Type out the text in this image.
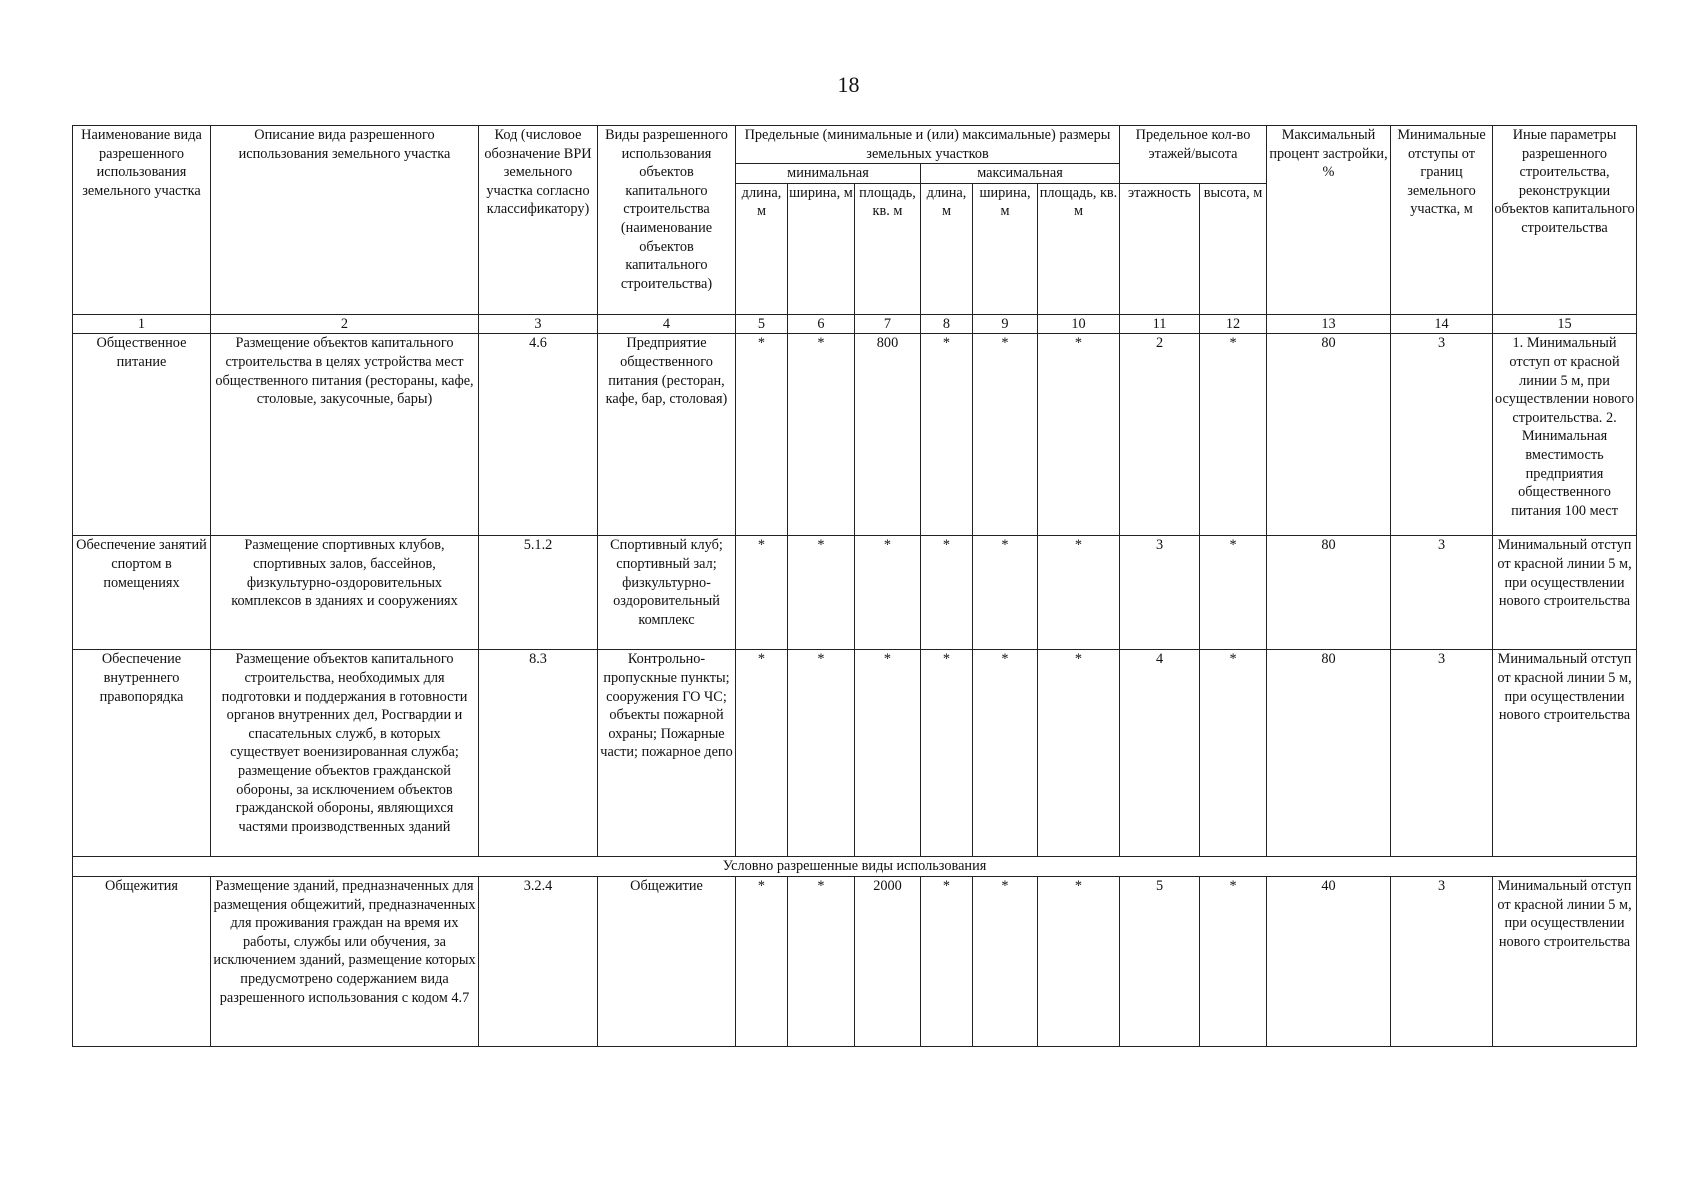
18
Наименование вида разрешенного использования земельного участка	Описание вида разрешенного использования земельного участка	Код (числовое обозначение ВРИ земельного участка согласно классификатору)	Виды разрешенного использования объектов капитального строительства (наименование объектов капитального строительства)	Предельные (минимальные и (или) максимальные) размеры земельных участков						Предельное кол-во этажей/высота		Максимальный процент застройки, %	Минимальные отступы от границ земельного участка, м	Иные параметры разрешенного строительства, реконструкции объектов капитального строительства

				минимальная			максимальная							
				длина, м	ширина, м	площадь, кв. м	длина, м	ширина, м	площадь, кв. м	этажность	высота, м			
1	2	3	4	5	6	7	8	9	10	11	12	13	14	15
Общественное питание	Размещение объектов капитального строительства в целях устройства мест общественного питания (рестораны, кафе, столовые, закусочные, бары)	4.6	Предприятие общественного питания (ресторан, кафе, бар, столовая)	*	*	800	*	*	*	2	*	80	3	1. Минимальный отступ от красной линии 5 м, при осуществлении нового строительства. 2. Минимальная вместимость предприятия общественного питания 100 мест
Обеспечение занятий спортом в помещениях	Размещение спортивных клубов, спортивных залов, бассейнов, физкультурно-оздоровительных комплексов в зданиях и сооружениях	5.1.2	Спортивный клуб; спортивный зал; физкультурно-оздоровительный комплекс	*	*	*	*	*	*	3	*	80	3	Минимальный отступ от красной линии 5 м, при осуществлении нового строительства
Обеспечение внутреннего правопорядка	Размещение объектов капитального строительства, необходимых для подготовки и поддержания в готовности органов внутренних дел, Росгвардии и спасательных служб, в которых существует военизированная служба; размещение объектов гражданской обороны, за исключением объектов гражданской обороны, являющихся частями производственных зданий	8.3	Контрольно-пропускные пункты; сооружения ГО ЧС; объекты пожарной охраны; Пожарные части; пожарное депо	*	*	*	*	*	*	4	*	80	3	Минимальный отступ от красной линии 5 м, при осуществлении нового строительства
Условно разрешенные виды использования														
Общежития	Размещение зданий, предназначенных для размещения общежитий, предназначенных для проживания граждан на время их работы, службы или обучения, за исключением зданий, размещение которых предусмотрено содержанием вида разрешенного использования с кодом 4.7	3.2.4	Общежитие	*	*	2000	*	*	*	5	*	40	3	Минимальный отступ от красной линии 5 м, при осуществлении нового строительства
